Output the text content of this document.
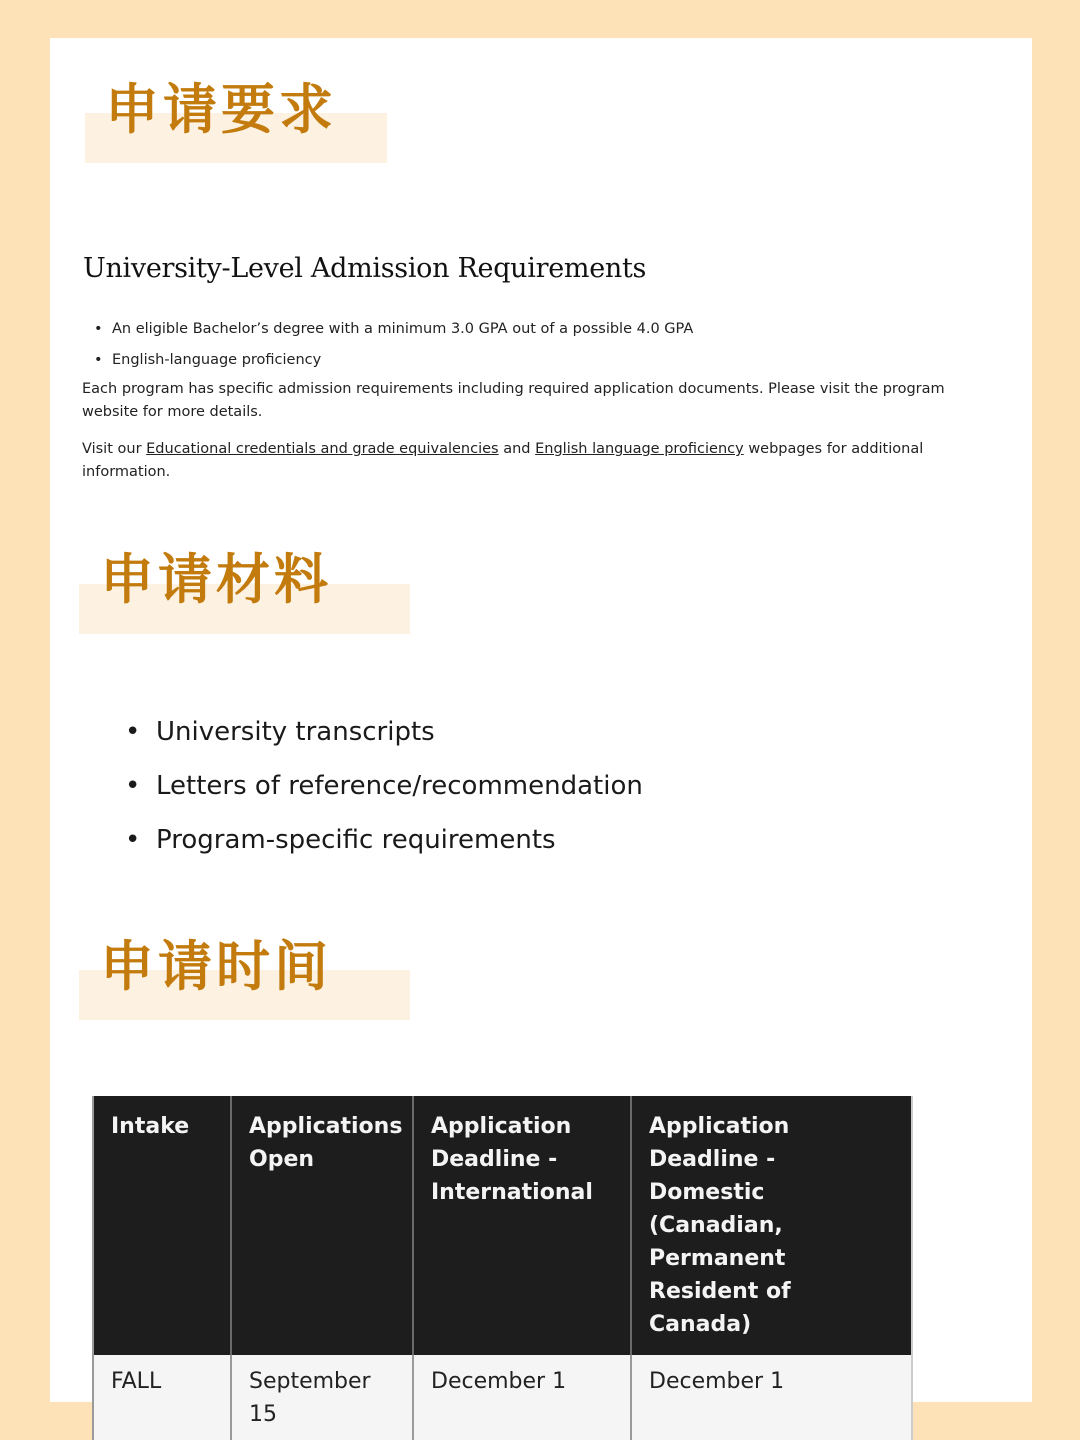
申请要求
University-Level Admission Requirements
• An eligible Bachelor’s degree with a minimum 3.0 GPA out of a possible 4.0 GPA
• English-language proficiency

Each program has specific admission requirements including required application documents. Please visit the program website for more details.

Visit our Educational credentials and grade equivalencies and English language proficiency webpages for additional information.

申请材料
• University transcripts
• Letters of reference/recommendation
• Program-specific requirements
申请时间
Intake	Applications Open	Application Deadline - International	Application Deadline - Domestic (Canadian, Permanent Resident of Canada)
FALL	September 15	December 1	December 1
